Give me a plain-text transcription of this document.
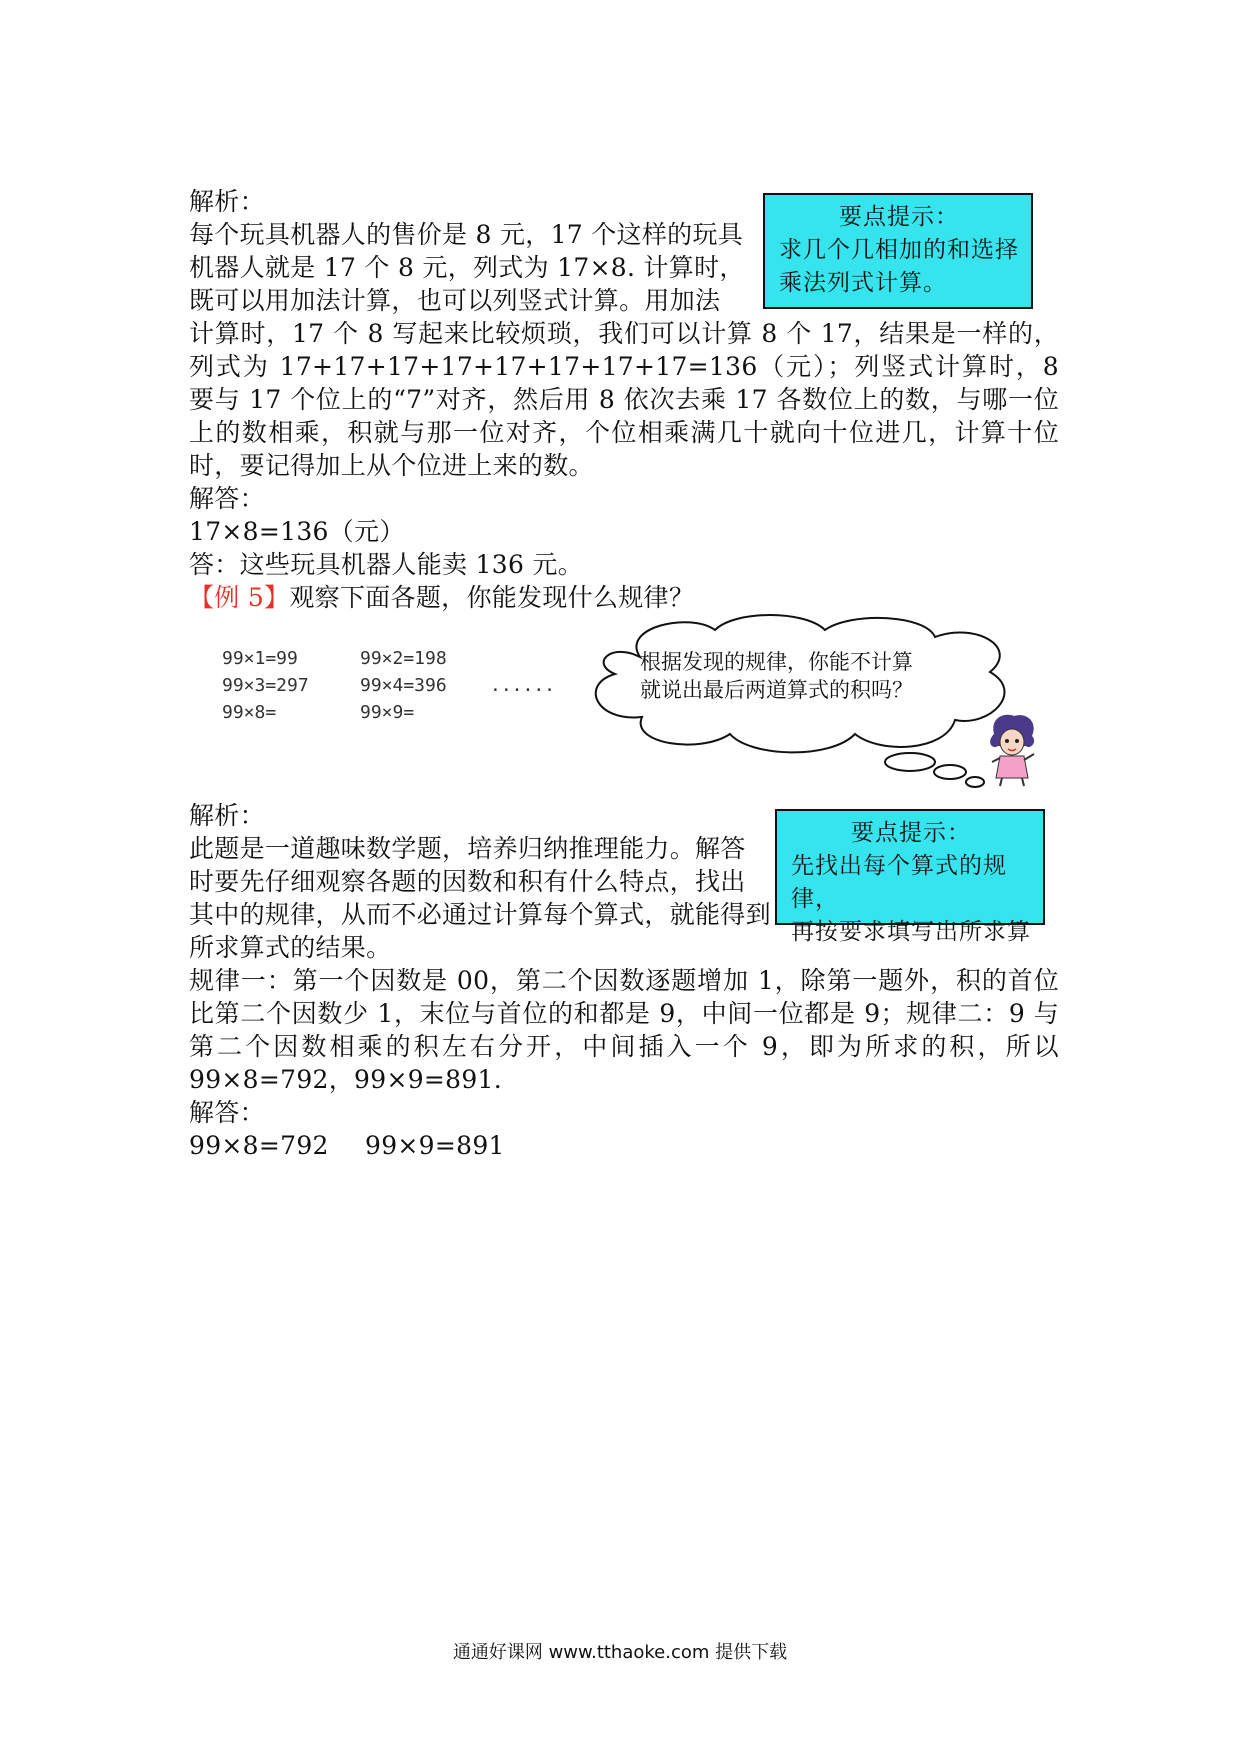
解析：
每个玩具机器人的售价是 8 元，17 个这样的玩具
机器人就是 17 个 8 元，列式为 17×8. 计算时，
既可以用加法计算，也可以列竖式计算。用加法
要点提示：
求几个几相加的和选择
乘法列式计算。
计算时，17 个 8 写起来比较烦琐，我们可以计算 8 个 17，结果是一样的，列式为 17+17+17+17+17+17+17+17=136（元）；列竖式计算时，8 要与 17 个位上的“7”对齐，然后用 8 依次去乘 17 各数位上的数，与哪一位上的数相乘，积就与那一位对齐，个位相乘满几十就向十位进几，计算十位时，要记得加上从个位进上来的数。
解答：
17×8=136（元）
答：这些玩具机器人能卖 136 元。
【例 5】观察下面各题，你能发现什么规律？
99×1=99	99×2=198
99×3=297	99×4=396 ......
99×8=	99×9=
根据发现的规律，你能不计算
就说出最后两道算式的积吗？
解析：
此题是一道趣味数学题，培养归纳推理能力。解答
时要先仔细观察各题的因数和积有什么特点，找出
其中的规律，从而不必通过计算每个算式，就能得到
所求算式的结果。
要点提示：
先找出每个算式的规律，
再按要求填写出所求算
规律一：第一个因数是 00，第二个因数逐题增加 1，除第一题外，积的首位比第二个因数少 1，末位与首位的和都是 9，中间一位都是 9；规律二：9 与第二个因数相乘的积左右分开，中间插入一个 9，即为所求的积，所以 99×8=792，99×9=891.
解答：
99×8=792 99×9=891
通通好课网 www.tthaoke.com 提供下载
